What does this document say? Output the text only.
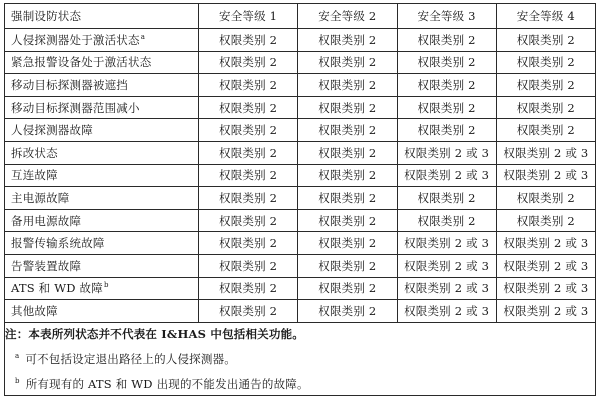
强制设防状态	安全等级 1	安全等级 2	安全等级 3	安全等级 4
人侵探测器处于激活状态$^a$	权限类别 2	权限类别 2	权限类别 2	权限类别 2
紧急报警设备处于激活状态	权限类别 2	权限类别 2	权限类别 2	权限类别 2
移动目标探测器被遮挡	权限类别 2	权限类别 2	权限类别 2	权限类别 2
移动目标探测器范围减小	权限类别 2	权限类别 2	权限类别 2	权限类别 2
人侵探测器故障	权限类别 2	权限类别 2	权限类别 2	权限类别 2
拆改状态	权限类别 2	权限类别 2	权限类别 2 或 3	权限类别 2 或 3
互连故障	权限类别 2	权限类别 2	权限类别 2 或 3	权限类别 2 或 3
主电源故障	权限类别 2	权限类别 2	权限类别 2	权限类别 2
备用电源故障	权限类别 2	权限类别 2	权限类别 2	权限类别 2
报警传输系统故障	权限类别 2	权限类别 2	权限类别 2 或 3	权限类别 2 或 3
告警装置故障	权限类别 2	权限类别 2	权限类别 2 或 3	权限类别 2 或 3
ATS 和 WD 故障$^b$	权限类别 2	权限类别 2	权限类别 2 或 3	权限类别 2 或 3
其他故障	权限类别 2	权限类别 2	权限类别 2 或 3	权限类别 2 或 3

注：本表所列状态并不代表在 I&HAS 中包括相关功能。
$^a$ 可不包括设定退出路径上的人侵探测器。
$^b$ 所有现有的 ATS 和 WD 出现的不能发出通告的故障。				
